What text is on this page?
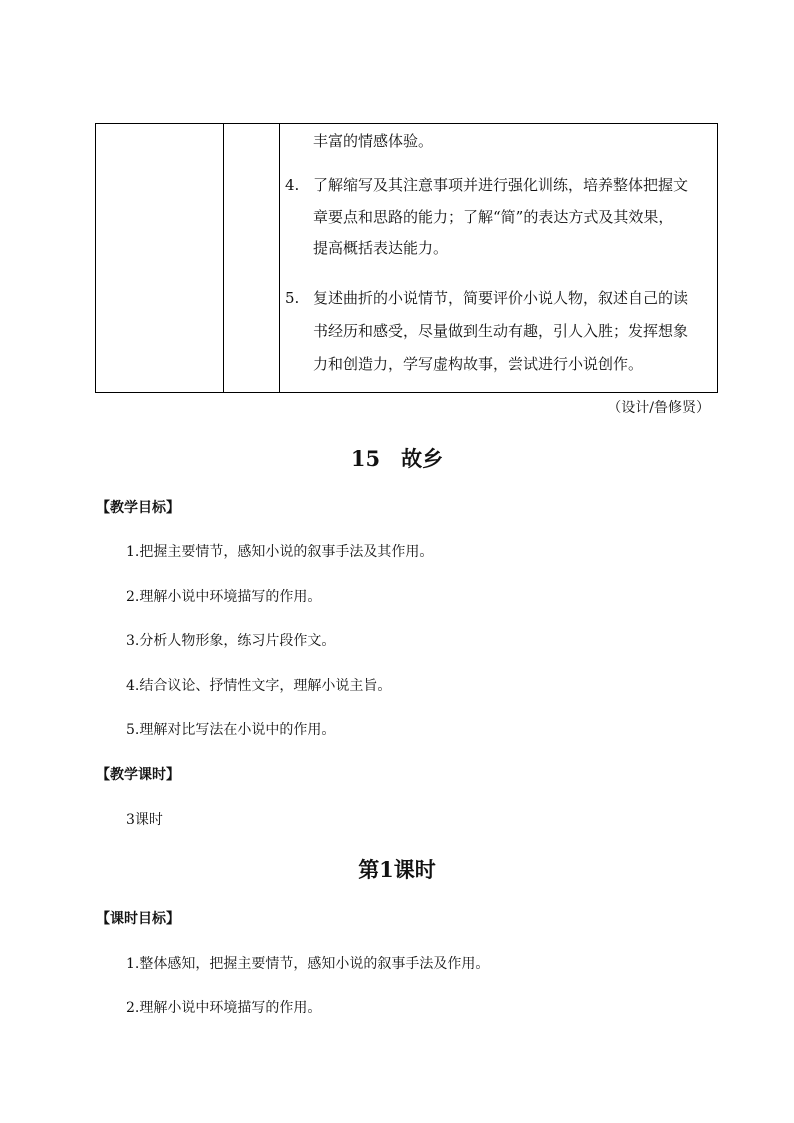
丰富的情感体验。
4. 了解缩写及其注意事项并进行强化训练，培养整体把握文
章要点和思路的能力；了解“简”的表达方式及其效果，
提高概括表达能力。
5. 复述曲折的小说情节，简要评价小说人物，叙述自己的读
书经历和感受，尽量做到生动有趣，引人入胜；发挥想象
力和创造力，学写虚构故事，尝试进行小说创作。
（设计/鲁修贤）
15　故乡
【教学目标】
1.把握主要情节，感知小说的叙事手法及其作用。
2.理解小说中环境描写的作用。
3.分析人物形象，练习片段作文。
4.结合议论、抒情性文字，理解小说主旨。
5.理解对比写法在小说中的作用。
【教学课时】
3课时
第1课时
【课时目标】
1.整体感知，把握主要情节，感知小说的叙事手法及作用。
2.理解小说中环境描写的作用。
